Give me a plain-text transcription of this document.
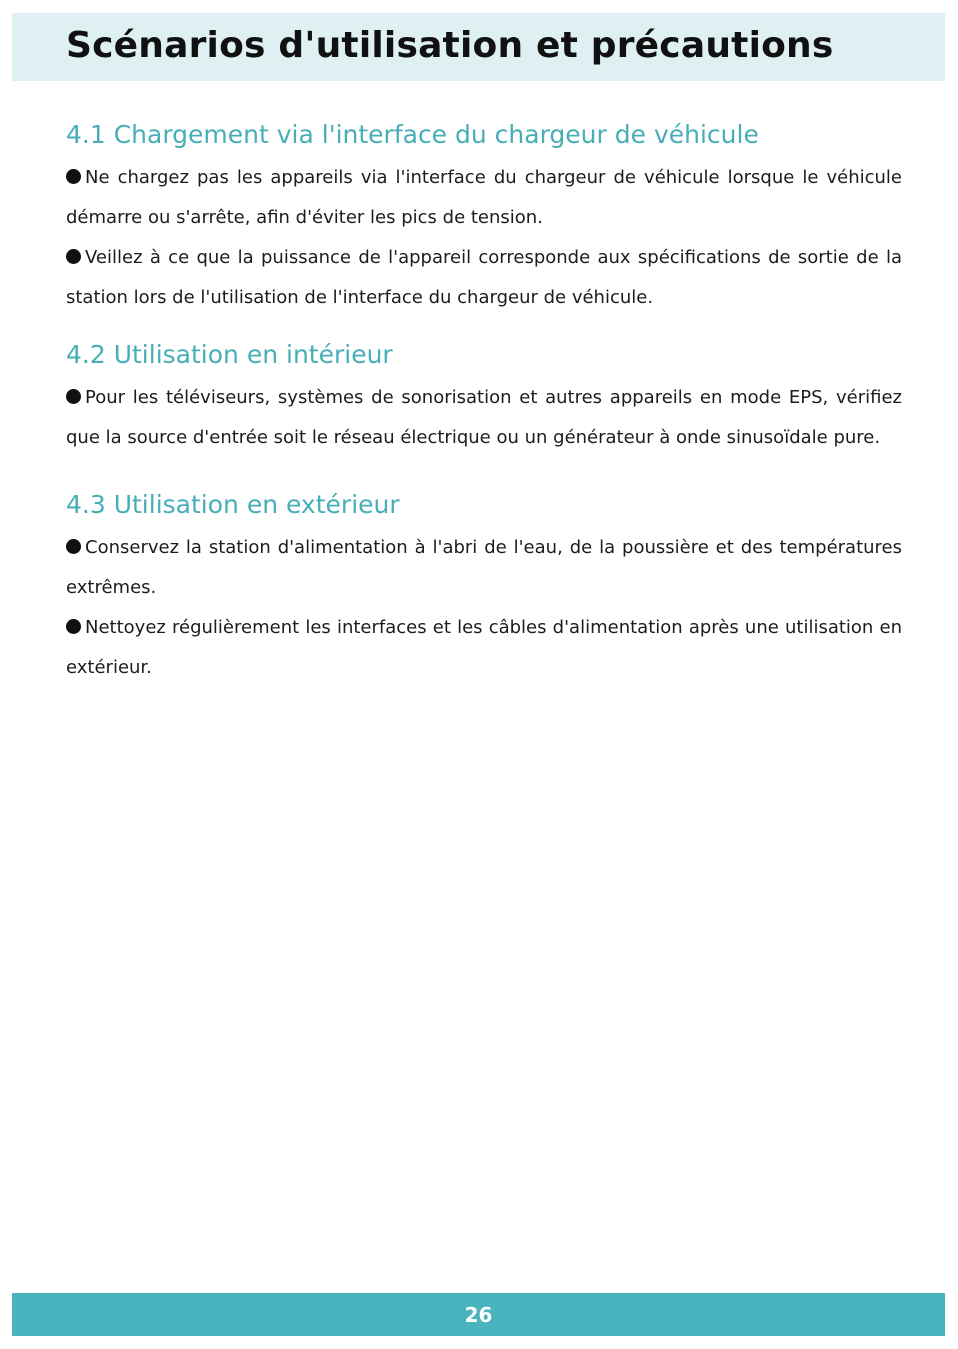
Scénarios d'utilisation et précautions
4.1 Chargement via l'interface du chargeur de véhicule

Ne chargez pas les appareils via l'interface du chargeur de véhicule lorsque le véhicule démarre ou s'arrête, afin d'éviter les pics de tension.

Veillez à ce que la puissance de l'appareil corresponde aux spécifications de sortie de la station lors de l'utilisation de l'interface du chargeur de véhicule.

4.2 Utilisation en intérieur

Pour les téléviseurs, systèmes de sonorisation et autres appareils en mode EPS, vérifiez que la source d'entrée soit le réseau électrique ou un générateur à onde sinusoïdale pure.

4.3 Utilisation en extérieur

Conservez la station d'alimentation à l'abri de l'eau, de la poussière et des températures extrêmes.

Nettoyez régulièrement les interfaces et les câbles d'alimentation après une utilisation en extérieur.

26
